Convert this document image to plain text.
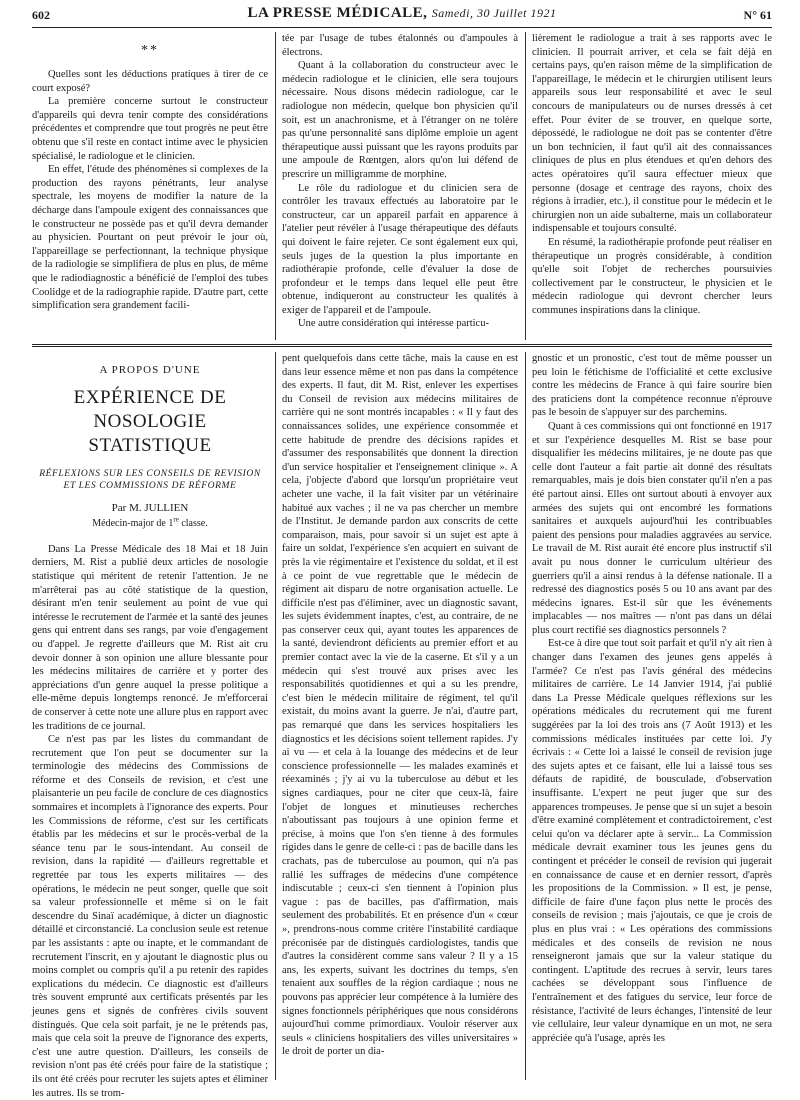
602	LA PRESSE MÉDICALE, Samedi, 30 Juillet 1921	N° 61
**

Quelles sont les déductions pratiques à tirer de ce court exposé?

La première concerne surtout le constructeur d'appareils qui devra tenir compte des considérations précédentes et comprendre que tout progrès ne peut être obtenu que s'il reste en contact intime avec le physicien spécialisé, le radiologue et le clinicien.

En effet, l'étude des phénomènes si complexes de la production des rayons pénétrants, leur analyse spectrale, les moyens de modifier la nature de la décharge dans l'ampoule exigent des connaissances que le constructeur ne possède pas et qu'il devra demander au physicien. Pourtant on peut prévoir le jour où, l'appareillage se perfectionnant, la technique physique de la radiologie se simplifiera de plus en plus, de même que le radiodiagnostic a bénéficié de l'emploi des tubes Coolidge et de la radiographie rapide. D'autre part, cette simplification sera grandement facili-

tée par l'usage de tubes étalonnés ou d'ampoules à électrons.

Quant à la collaboration du constructeur avec le médecin radiologue et le clinicien, elle sera toujours nécessaire. Nous disons médecin radiologue, car le radiologue non médecin, quelque bon physicien qu'il soit, est un anachronisme, et à l'étranger on ne tolère pas qu'une personnalité sans diplôme emploie un agent thérapeutique aussi puissant que les rayons produits par une ampoule de Rœntgen, alors qu'on lui défend de prescrire un milligramme de morphine.

Le rôle du radiologue et du clinicien sera de contrôler les travaux effectués au laboratoire par le constructeur, car un appareil parfait en apparence à l'atelier peut révéler à l'usage thérapeutique des défauts qui doivent le faire rejeter. Ce sont également eux qui, seuls juges de la question la plus importante en radiothérapie profonde, celle d'évaluer la dose de profondeur et le temps dans lequel elle peut être obtenue, indiqueront au constructeur les qualités à exiger de l'appareil et de l'ampoule.

Une autre considération qui intéresse particu-

lièrement le radiologue a trait à ses rapports avec le clinicien. Il pourrait arriver, et cela se fait déjà en certains pays, qu'en raison même de la simplification de l'appareillage, le médecin et le chirurgien utilisent leurs appareils sous leur responsabilité et avec le seul concours de manipulateurs ou de nurses dressés à cet effet. Pour éviter de se trouver, en quelque sorte, dépossédé, le radiologue ne doit pas se contenter d'être un bon technicien, il faut qu'il ait des connaissances cliniques de plus en plus étendues et qu'en dehors des actes opératoires qu'il saura effectuer mieux que personne (dosage et centrage des rayons, choix des régions à irradier, etc.), il constitue pour le médecin et le chirurgien non un aide subalterne, mais un collaborateur indispensable et toujours consulté.

En résumé, la radiothérapie profonde peut réaliser en thérapeutique un progrès considérable, à condition qu'elle soit l'objet de recherches poursuivies collectivement par le constructeur, le physicien et le médecin radiologue qui devront chercher leurs communes inspirations dans la clinique.

A PROPOS D'UNE
EXPÉRIENCE DE NOSOLOGIE
STATISTIQUE
RÉFLEXIONS SUR LES CONSEILS DE REVISION
ET LES COMMISSIONS DE RÉFORME
Par M. JULLIEN
Médecin-major de 1re classe.

Dans La Presse Médicale des 18 Mai et 18 Juin derniers, M. Rist a publié deux articles de nosologie statistique qui méritent de retenir l'attention. Je ne m'arrêterai pas au côté statistique de la question, désirant m'en tenir seulement au point de vue qui intéresse le recrutement de l'armée et la santé des jeunes gens qui entrent dans ses rangs, par voie d'engagement ou d'appel. Je regrette d'ailleurs que M. Rist ait cru devoir donner à son opinion une allure blessante pour les médecins militaires de carrière et y porter des appréciations d'un genre auquel la presse politique a elle-même depuis longtemps renoncé. Je m'efforcerai de conserver à cette note une allure plus en rapport avec les traditions de ce journal.

Ce n'est pas par les listes du commandant de recrutement que l'on peut se documenter sur la terminologie des médecins des Commissions de réforme et des Conseils de revision, et c'est une plaisanterie un peu facile de conclure de ces diagnostics sommaires et incomplets à l'ignorance des experts. Pour les Commissions de réforme, c'est sur les certificats établis par les médecins et sur le procès-verbal de la séance tenu par le sous-intendant. Au conseil de revision, dans la rapidité — d'ailleurs regrettable et regrettée par tous les experts militaires — des opérations, le médecin ne peut songer, quelle que soit sa valeur professionnelle et même si on le fait descendre du Sinaï académique, à dicter un diagnostic détaillé et circonstancié. La conclusion seule est retenue par les assistants : apte ou inapte, et le commandant de recrutement l'inscrit, en y ajoutant le diagnostic plus ou moins complet ou compris qu'il a pu retenir des rapides explications du médecin. Ce diagnostic est d'ailleurs très souvent emprunté aux certificats présentés par les jeunes gens et signés de confrères civils souvent distingués. Que cela soit parfait, je ne le prétends pas, mais que cela soit la preuve de l'ignorance des experts, c'est une autre question. D'ailleurs, les conseils de revision n'ont pas été créés pour faire de la statistique ; ils ont été créés pour recruter les sujets aptes et éliminer les autres. Ils se trom-

pent quelquefois dans cette tâche, mais la cause en est dans leur essence même et non pas dans la compétence des experts. Il faut, dit M. Rist, enlever les expertises du Conseil de revision aux médecins militaires de carrière qui ne sont montrés incapables : « Il y faut des connaissances solides, une expérience consommée et cette habitude de prendre des décisions rapides et d'assumer des responsabilités que donnent la direction d'un service hospitalier et l'enseignement clinique ». A cela, j'objecte d'abord que lorsqu'un propriétaire veut acheter une vache, il la fait visiter par un vétérinaire habitué aux vaches ; il ne va pas chercher un membre de l'Institut. Je demande pardon aux conscrits de cette comparaison, mais, pour savoir si un sujet est apte à faire un soldat, l'expérience s'en acquiert en suivant de près la vie régimentaire et l'existence du soldat, et il est à ce point de vue regrettable que le médecin de régiment ait disparu de notre organisation actuelle. Le difficile n'est pas d'éliminer, avec un diagnostic savant, les sujets évidemment inaptes, c'est, au contraire, de ne pas conserver ceux qui, ayant toutes les apparences de la santé, deviendront déficients au premier effort et au premier contact avec la vie de la caserne. Et s'il y a un médecin qui s'est trouvé aux prises avec les responsabilités quotidiennes et qui a su les prendre, c'est bien le médecin militaire de régiment, tel qu'il existait, du moins avant la guerre. Je n'ai, d'autre part, pas remarqué que dans les services hospitaliers les diagnostics et les décisions soient tellement rapides. J'y ai vu — et cela à la louange des médecins et de leur conscience professionnelle — les malades examinés et réexaminés ; j'y ai vu la tuberculose au début et les signes cardiaques, pour ne citer que ceux-là, faire l'objet de longues et minutieuses recherches n'aboutissant pas toujours à une opinion ferme et précise, à moins que l'on s'en tienne à des formules rigides dans le genre de celle-ci : pas de bacille dans les crachats, pas de tuberculose au poumon, qui n'a pas rallié les suffrages de médecins d'une compétence indiscutable ; ceux-ci s'en tiennent à l'opinion plus vague : pas de bacilles, pas d'affirmation, mais seulement des probabilités. Et en présence d'un « cœur », prendrons-nous comme critère l'instabilité cardiaque préconisée par de distingués cardiologistes, tandis que d'autres la considèrent comme sans valeur ? Il y a 15 ans, les experts, suivant les doctrines du temps, s'en tenaient aux souffles de la région cardiaque ; nous ne pouvons pas apprécier leur compétence à la lumière des signes fonctionnels périphériques que nous considérons aujourd'hui comme primordiaux. Vouloir réserver aux seuls « cliniciens hospitaliers des villes universitaires » le droit de porter un dia-

gnostic et un pronostic, c'est tout de même pousser un peu loin le fétichisme de l'officialité et cette exclusive contre les médecins de France à qui faire sourire bien des praticiens dont la compétence reconnue n'éprouve pas le besoin de s'appuyer sur des parchemins.

Quant à ces commissions qui ont fonctionné en 1917 et sur l'expérience desquelles M. Rist se base pour disqualifier les médecins militaires, je ne doute pas que celle dont l'auteur a fait partie ait donné des résultats remarquables, mais je dois bien constater qu'il n'en a pas été partout ainsi. Elles ont surtout abouti à envoyer aux armées des sujets qui ont encombré les formations sanitaires et auxquels aujourd'hui les contribuables paient des pensions pour maladies aggravées au service. Le travail de M. Rist aurait été encore plus instructif s'il avait pu nous donner le curriculum ultérieur des guerriers qu'il a ainsi rendus à la défense nationale. Il a redressé des diagnostics posés 5 ou 10 ans avant par des médecins ignares. Est-il sûr que les événements implacables — nos maîtres — n'ont pas dans un délai plus court rectifié ses diagnostics personnels ?

Est-ce à dire que tout soit parfait et qu'il n'y ait rien à changer dans l'examen des jeunes gens appelés à l'armée? Ce n'est pas l'avis général des médecins militaires de carrière. Le 14 Janvier 1914, j'ai publié dans La Presse Médicale quelques réflexions sur les opérations médicales du recrutement qui me furent suggérées par la loi des trois ans (7 Août 1913) et les commissions médicales instituées par cette loi. J'y écrivais : « Cette loi a laissé le conseil de revision juge des sujets aptes et ce faisant, elle lui a laissé tous ses défauts de rapidité, de bousculade, d'observation insuffisante. L'expert ne peut juger que sur des apparences trompeuses. Je pense que si un sujet a besoin d'être examiné complètement et contradictoirement, c'est celui qu'on va déclarer apte à servir... La Commission médicale devrait examiner tous les jeunes gens du contingent et précéder le conseil de revision qui jugerait en connaissance de cause et en dernier ressort, d'après les propositions de la Commission. » Il est, je pense, difficile de faire d'une façon plus nette le procès des conseils de revision ; mais j'ajoutais, ce que je crois de plus en plus vrai : « Les opérations des commissions médicales et des conseils de revision ne nous renseigneront jamais que sur la valeur statique du contingent. L'aptitude des recrues à servir, leurs tares cachées se développant sous l'influence de l'entraînement et des fatigues du service, leur force de résistance, l'activité de leurs échanges, l'intensité de leur vie cellulaire, leur valeur dynamique en un mot, ne sera appréciée qu'à l'usage, après les
